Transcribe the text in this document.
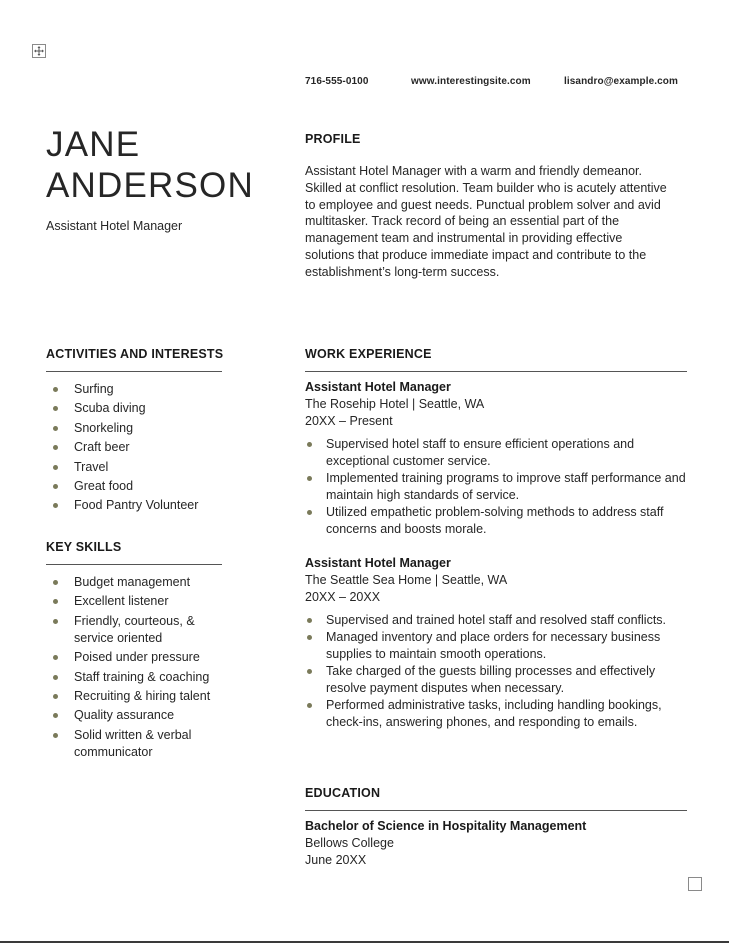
716-555-0100	www.interestingsite.com	lisandro@example.com
JANE
ANDERSON
Assistant Hotel Manager
PROFILE
Assistant Hotel Manager with a warm and friendly demeanor. Skilled at conflict resolution. Team builder who is acutely attentive to employee and guest needs. Punctual problem solver and avid multitasker. Track record of being an essential part of the management team and instrumental in providing effective solutions that produce immediate impact and contribute to the establishment’s long-term success.
ACTIVITIES AND INTERESTS
Surfing
Scuba diving
Snorkeling
Craft beer
Travel
Great food
Food Pantry Volunteer
KEY SKILLS
Budget management
Excellent listener
Friendly, courteous, & service oriented
Poised under pressure
Staff training & coaching
Recruiting & hiring talent
Quality assurance
Solid written & verbal communicator
WORK EXPERIENCE
Assistant Hotel Manager
The Rosehip Hotel | Seattle, WA
20XX – Present
Supervised hotel staff to ensure efficient operations and exceptional customer service.
Implemented training programs to improve staff performance and maintain high standards of service.
Utilized empathetic problem-solving methods to address staff concerns and boosts morale.
Assistant Hotel Manager
The Seattle Sea Home | Seattle, WA
20XX – 20XX
Supervised and trained hotel staff and resolved staff conflicts.
Managed inventory and place orders for necessary business supplies to maintain smooth operations.
Take charged of the guests billing processes and effectively resolve payment disputes when necessary.
Performed administrative tasks, including handling bookings, check-ins, answering phones, and responding to emails.
EDUCATION
Bachelor of Science in Hospitality Management
Bellows College
June 20XX
